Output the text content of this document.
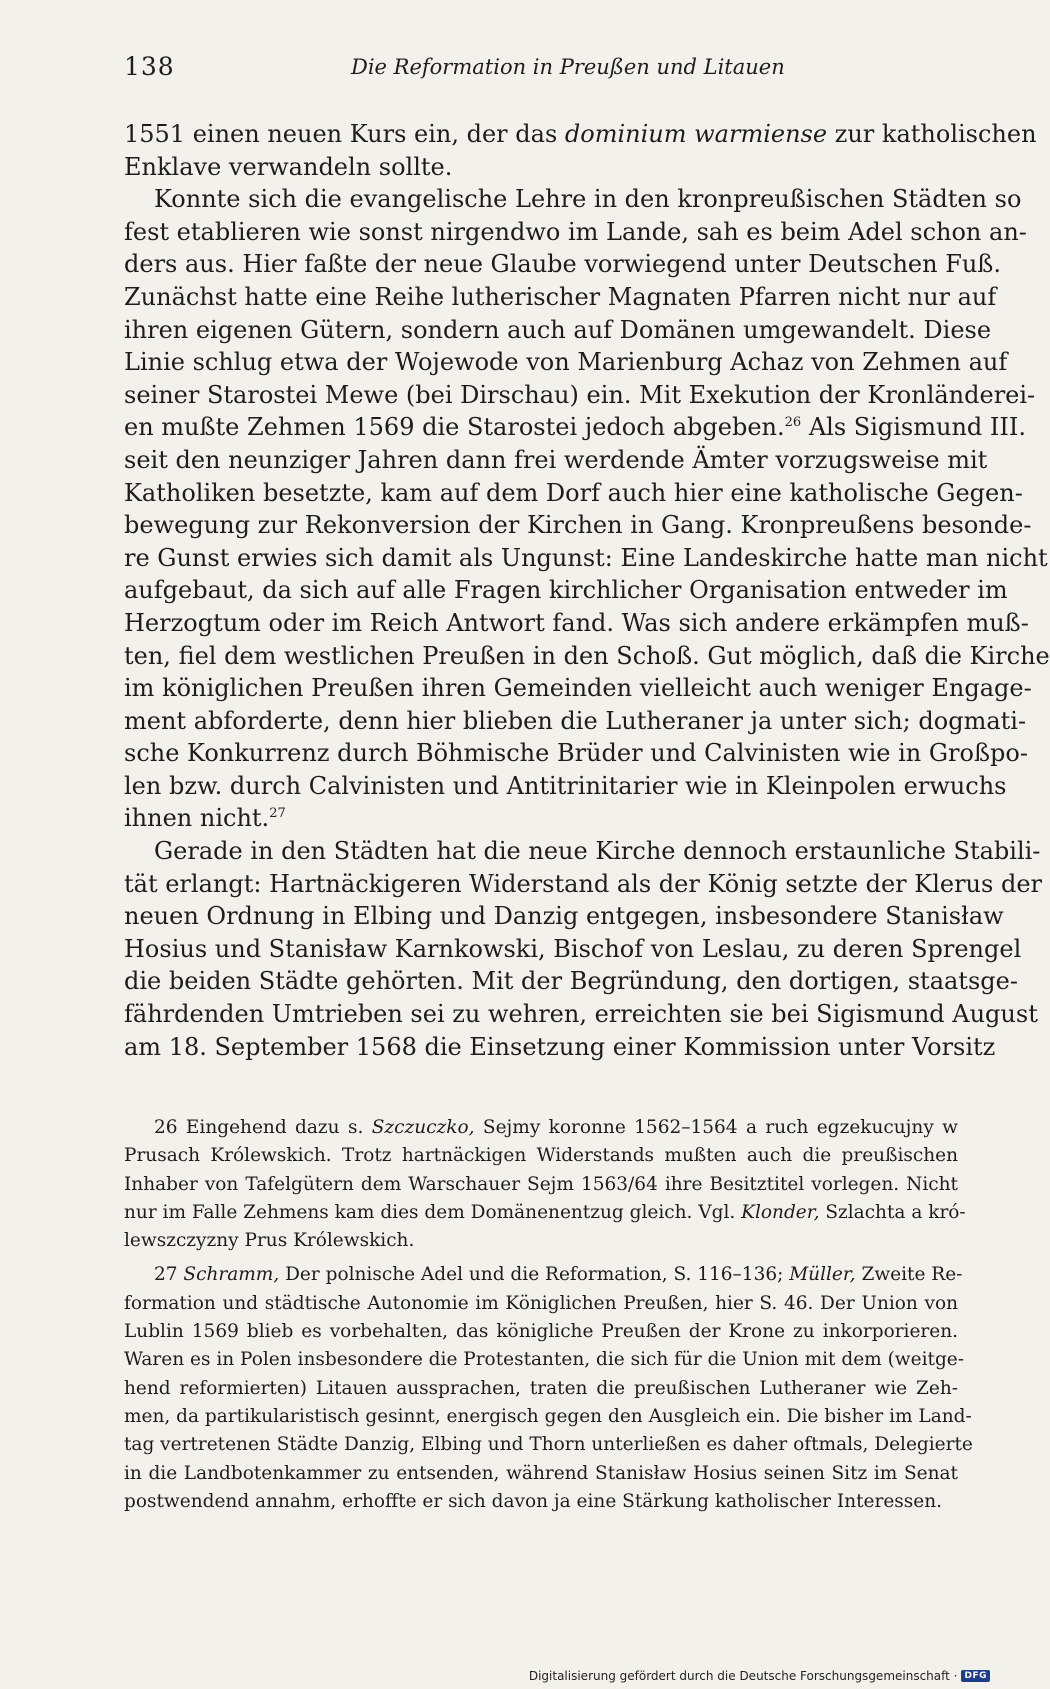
138	Die Reformation in Preußen und Litauen
1551 einen neuen Kurs ein, der das dominium warmiense zur katholischen
Enklave verwandeln sollte.
Konnte sich die evangelische Lehre in den kronpreußischen Städten so
fest etablieren wie sonst nirgendwo im Lande, sah es beim Adel schon an-
ders aus. Hier faßte der neue Glaube vorwiegend unter Deutschen Fuß.
Zunächst hatte eine Reihe lutherischer Magnaten Pfarren nicht nur auf
ihren eigenen Gütern, sondern auch auf Domänen umgewandelt. Diese
Linie schlug etwa der Wojewode von Marienburg Achaz von Zehmen auf
seiner Starostei Mewe (bei Dirschau) ein. Mit Exekution der Kronländerei-
en mußte Zehmen 1569 die Starostei jedoch abgeben.$^{26}$ Als Sigismund III.
seit den neunziger Jahren dann frei werdende Ämter vorzugsweise mit
Katholiken besetzte, kam auf dem Dorf auch hier eine katholische Gegen-
bewegung zur Rekonversion der Kirchen in Gang. Kronpreußens besonde-
re Gunst erwies sich damit als Ungunst: Eine Landeskirche hatte man nicht
aufgebaut, da sich auf alle Fragen kirchlicher Organisation entweder im
Herzogtum oder im Reich Antwort fand. Was sich andere erkämpfen muß-
ten, fiel dem westlichen Preußen in den Schoß. Gut möglich, daß die Kirche
im königlichen Preußen ihren Gemeinden vielleicht auch weniger Engage-
ment abforderte, denn hier blieben die Lutheraner ja unter sich; dogmati-
sche Konkurrenz durch Böhmische Brüder und Calvinisten wie in Großpo-
len bzw. durch Calvinisten und Antitrinitarier wie in Kleinpolen erwuchs
ihnen nicht.$^{27}$
Gerade in den Städten hat die neue Kirche dennoch erstaunliche Stabili-
tät erlangt: Hartnäckigeren Widerstand als der König setzte der Klerus der
neuen Ordnung in Elbing und Danzig entgegen, insbesondere Stanisław
Hosius und Stanisław Karnkowski, Bischof von Leslau, zu deren Sprengel
die beiden Städte gehörten. Mit der Begründung, den dortigen, staatsge-
fährdenden Umtrieben sei zu wehren, erreichten sie bei Sigismund August
am 18. September 1568 die Einsetzung einer Kommission unter Vorsitz
26 Eingehend dazu s. Szczuczko, Sejmy koronne 1562–1564 a ruch egzekucujny w
Prusach Królewskich. Trotz hartnäckigen Widerstands mußten auch die preußischen
Inhaber von Tafelgütern dem Warschauer Sejm 1563/64 ihre Besitztitel vorlegen. Nicht
nur im Falle Zehmens kam dies dem Domänenentzug gleich. Vgl. Klonder, Szlachta a kró-
lewszczyzny Prus Królewskich.
27 Schramm, Der polnische Adel und die Reformation, S. 116–136; Müller, Zweite Re-
formation und städtische Autonomie im Königlichen Preußen, hier S. 46. Der Union von
Lublin 1569 blieb es vorbehalten, das königliche Preußen der Krone zu inkorporieren.
Waren es in Polen insbesondere die Protestanten, die sich für die Union mit dem (weitge-
hend reformierten) Litauen aussprachen, traten die preußischen Lutheraner wie Zeh-
men, da partikularistisch gesinnt, energisch gegen den Ausgleich ein. Die bisher im Land-
tag vertretenen Städte Danzig, Elbing und Thorn unterließen es daher oftmals, Delegierte
in die Landbotenkammer zu entsenden, während Stanisław Hosius seinen Sitz im Senat
postwendend annahm, erhoffte er sich davon ja eine Stärkung katholischer Interessen.
Digitalisierung gefördert durch die Deutsche Forschungsgemeinschaft · DFG
